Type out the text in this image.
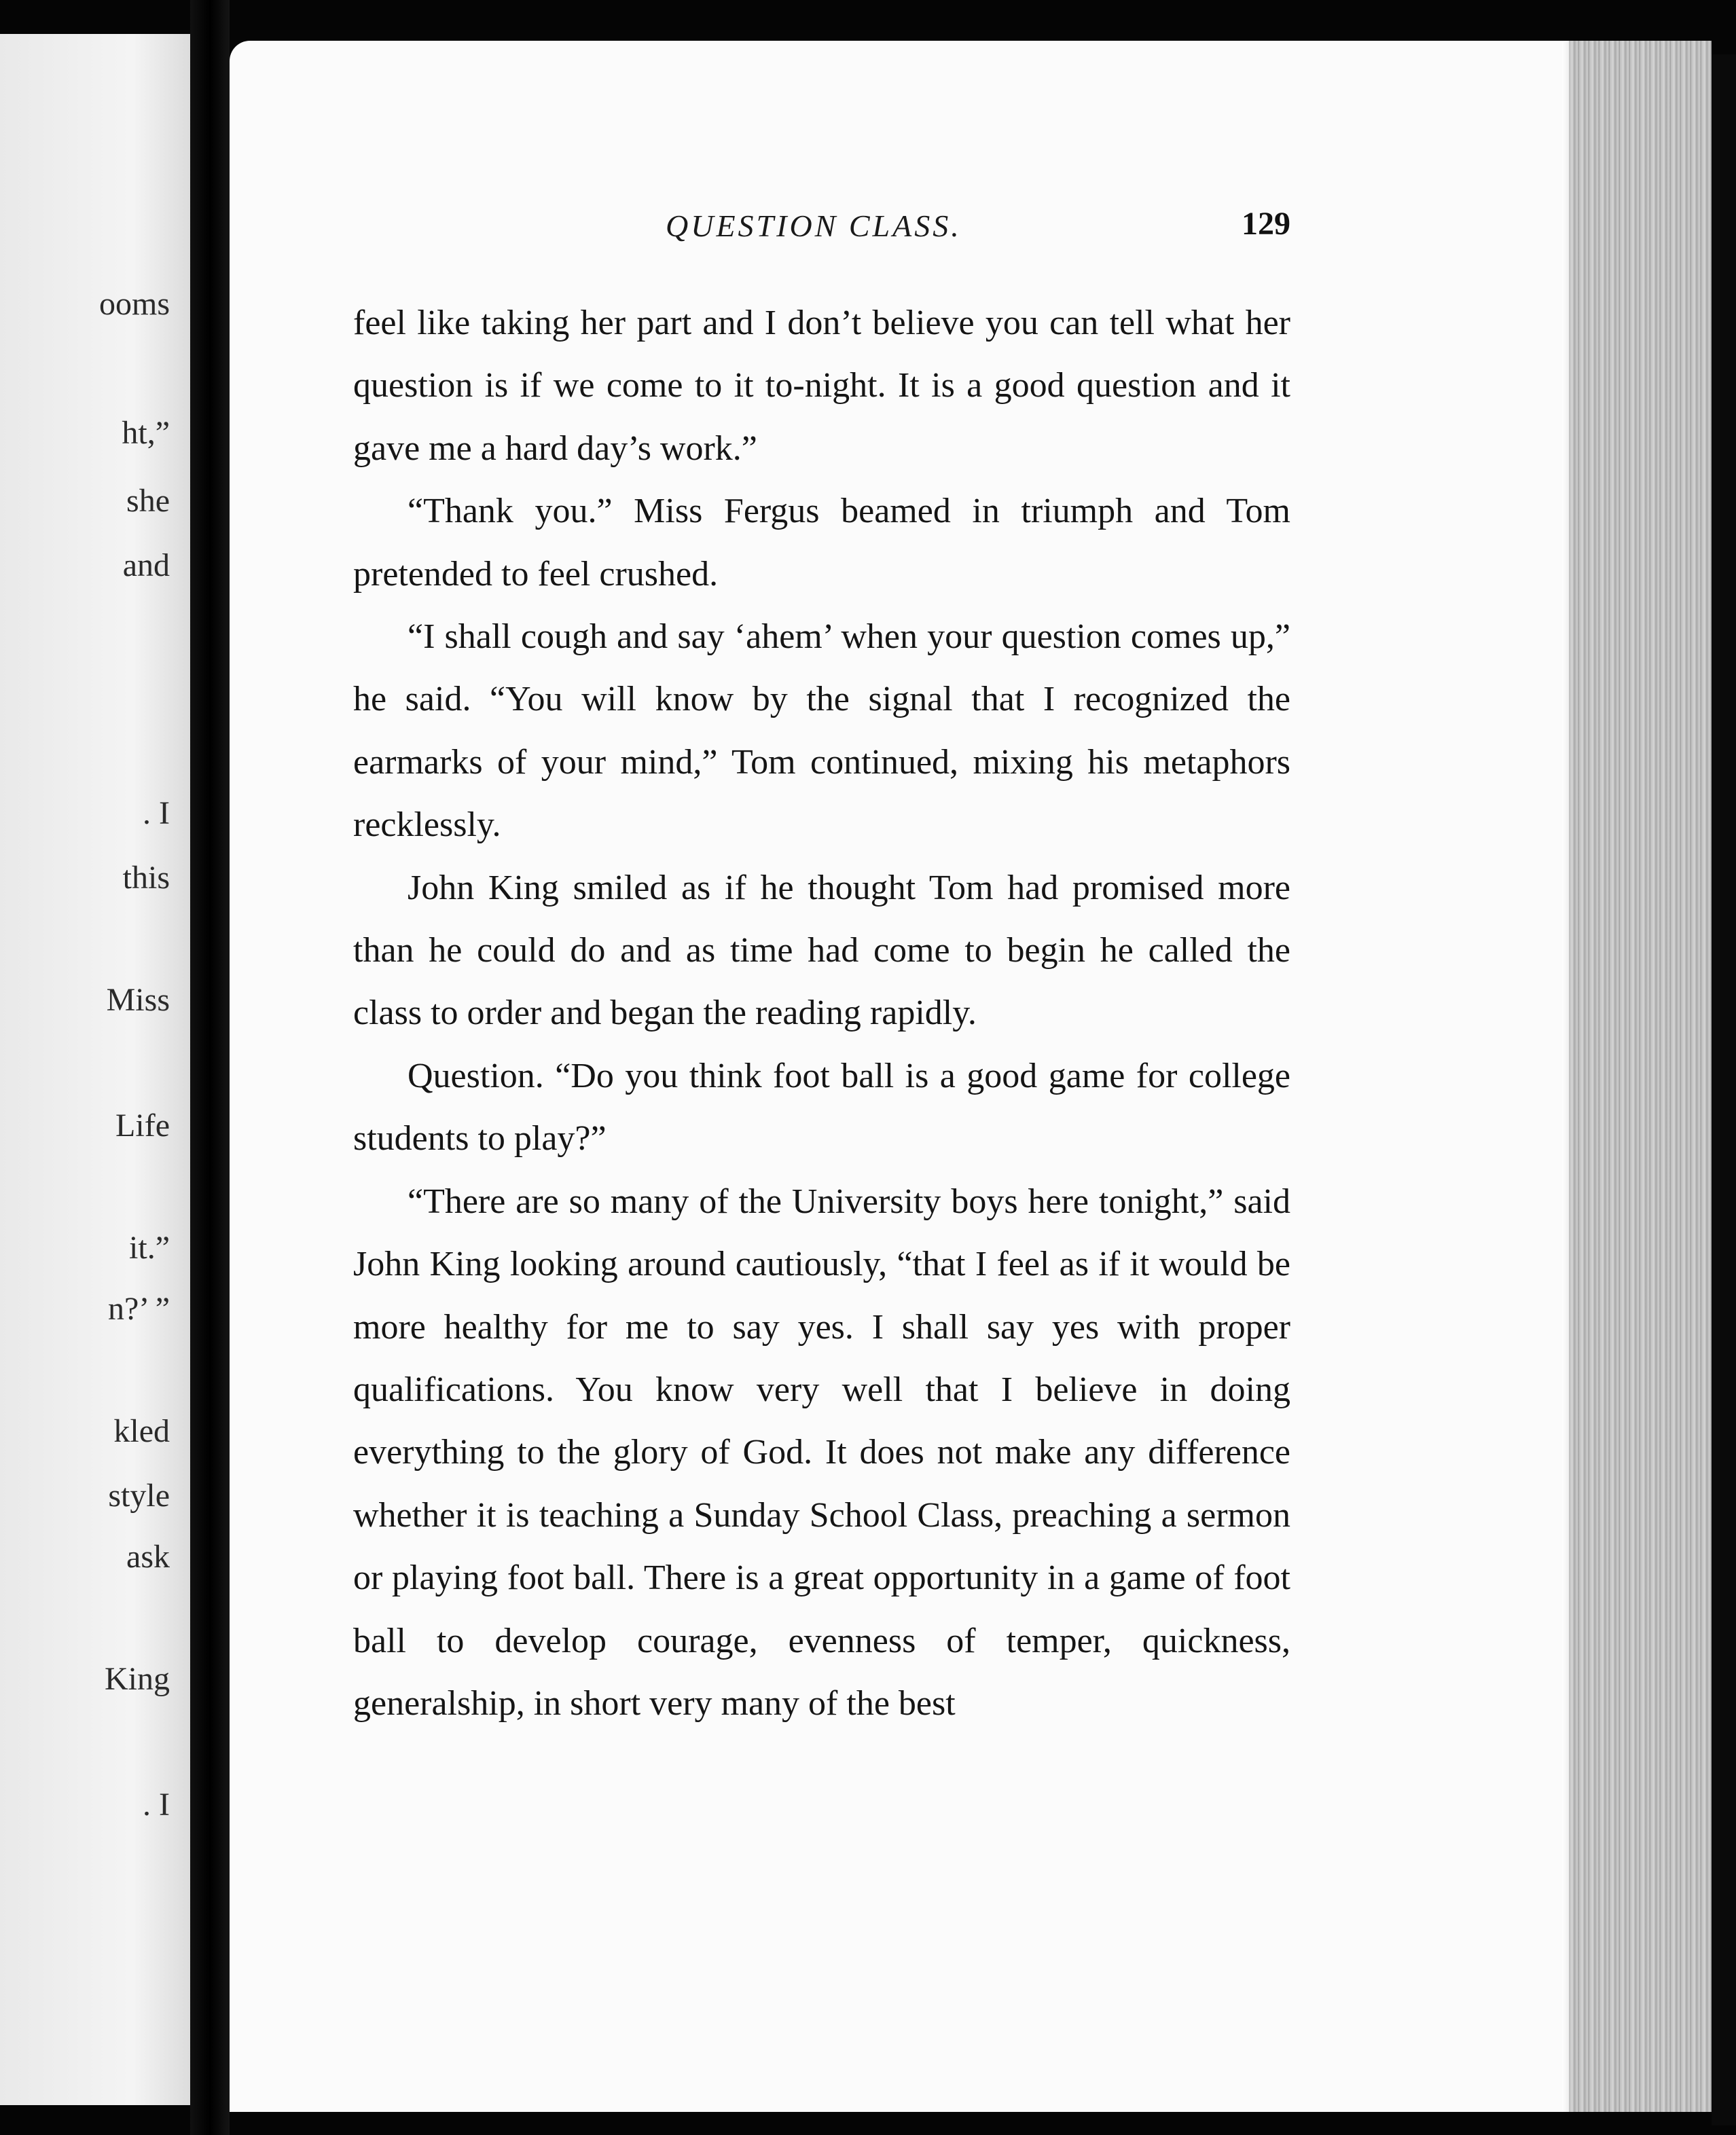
ooms
ht,”
she
and
. I
this
Miss
Life
it.”
n?’ ”
kled
style
ask
King
. I
QUESTION CLASS.	129

feel like taking her part and I don’t believe you can tell what her question is if we come to it to-night. It is a good question and it gave me a hard day’s work.”

“Thank you.” Miss Fergus beamed in triumph and Tom pretended to feel crushed.

“I shall cough and say ‘ahem’ when your question comes up,” he said. “You will know by the signal that I recognized the earmarks of your mind,” Tom continued, mixing his metaphors recklessly.

John King smiled as if he thought Tom had promised more than he could do and as time had come to begin he called the class to order and began the reading rapidly.

Question. “Do you think foot ball is a good game for college students to play?”

“There are so many of the University boys here tonight,” said John King looking around cautiously, “that I feel as if it would be more healthy for me to say yes. I shall say yes with proper qualifications. You know very well that I believe in doing everything to the glory of God. It does not make any difference whether it is teaching a Sunday School Class, preaching a sermon or playing foot ball. There is a great opportunity in a game of foot ball to develop courage, evenness of temper, quickness, generalship, in short very many of the best
